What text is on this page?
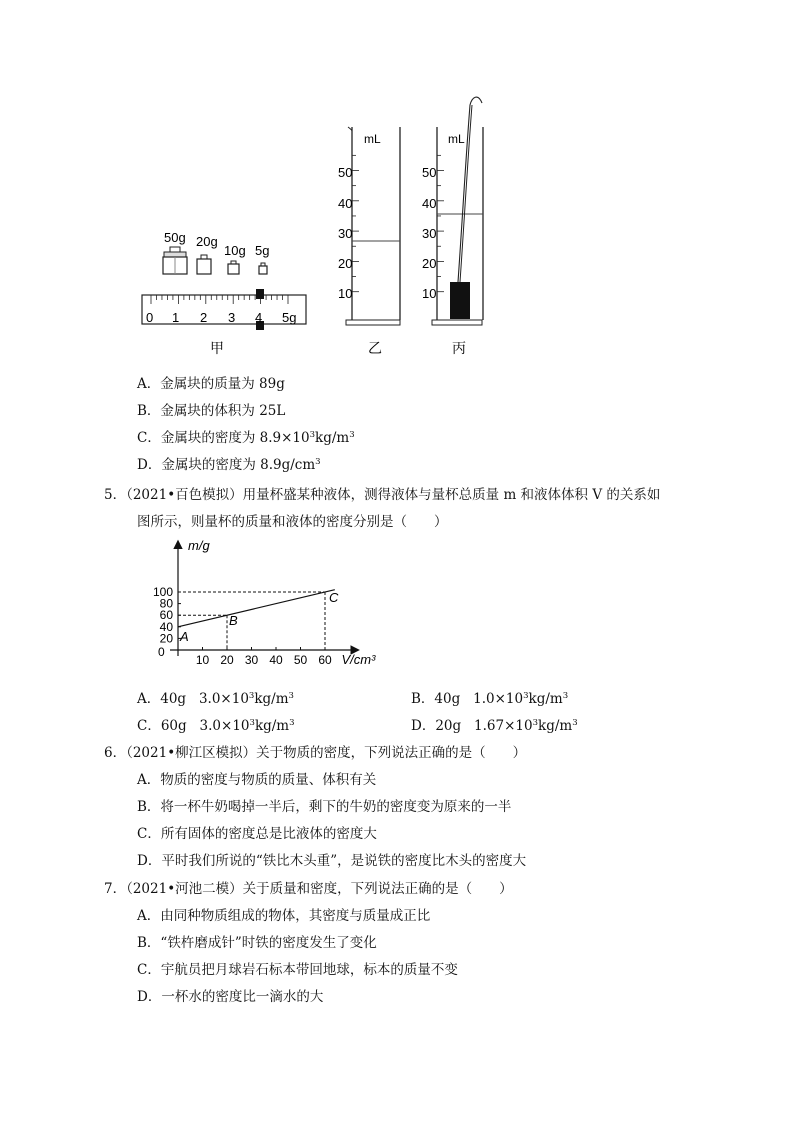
50g 20g
10g 5g
0 1 2 3 4 5g
甲
mL
50
40
30
20
10
乙
mL
50
40
30
20
10
丙
A．金属块的质量为 89g
B．金属块的体积为 25L
C．金属块的密度为 $8.9\times 10^3kg/m^3$
D．金属块的密度为 $8.9g/cm^3$
5．（2021•百色模拟）用量杯盛某种液体，测得液体与量杯总质量 m 和液体体积 V 的关系如
图所示，则量杯的质量和液体的密度分别是（　　）
10 20 30 40 50 60
20
40
60
80
100
0
m/g
V/cm³
A
B
C
A．40g $3.0\times 10^3kg/m^3$	B．40g $1.0\times 10^3kg/m^3$
C．60g $3.0\times 10^3kg/m^3$	D．20g $1.67\times 10^3kg/m^3$
6．（2021•柳江区模拟）关于物质的密度，下列说法正确的是（　　）
A．物质的密度与物质的质量、体积有关
B．将一杯牛奶喝掉一半后，剩下的牛奶的密度变为原来的一半
C．所有固体的密度总是比液体的密度大
D．平时我们所说的“铁比木头重”，是说铁的密度比木头的密度大
7．（2021•河池二模）关于质量和密度，下列说法正确的是（　　）
A．由同种物质组成的物体，其密度与质量成正比
B．“铁杵磨成针”时铁的密度发生了变化
C．宇航员把月球岩石标本带回地球，标本的质量不变
D．一杯水的密度比一滴水的大
